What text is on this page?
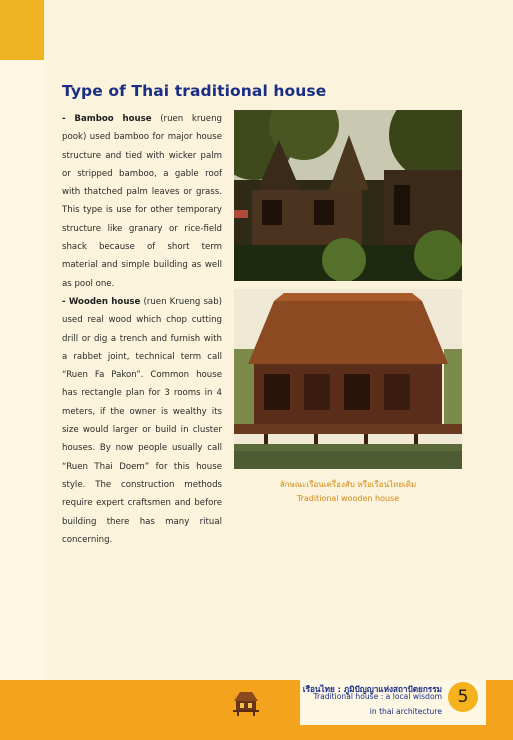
Type of Thai traditional house
- Bamboo house (ruen krueng pook) used bamboo for major house structure and tied with wicker palm or stripped bamboo, a gable roof with thatched palm leaves or grass. This type is use for other temporary structure like granary or rice-field shack because of short term material and simple building as well as pool one.
- Wooden house (ruen Krueng sab) used real wood which chop cutting drill or dig a trench and furnish with a rabbet joint, technical term call “Ruen Fa Pakon”. Common house has rectangle plan for 3 rooms in 4 meters, if the owner is wealthy its size would larger or build in cluster houses. By now people usually call “Ruen Thai Doem” for this house style. The construction methods require expert craftsmen and before building there has many ritual concerning.
ลักษณะเรือนเครื่องสับ หรือเรือนไทยเดิม
Traditional wooden house
เรือนไทย : ภูมิปัญญาแห่งสถาปัตยกรรม
Traditional house : a local wisdom
in thai architecture
5
